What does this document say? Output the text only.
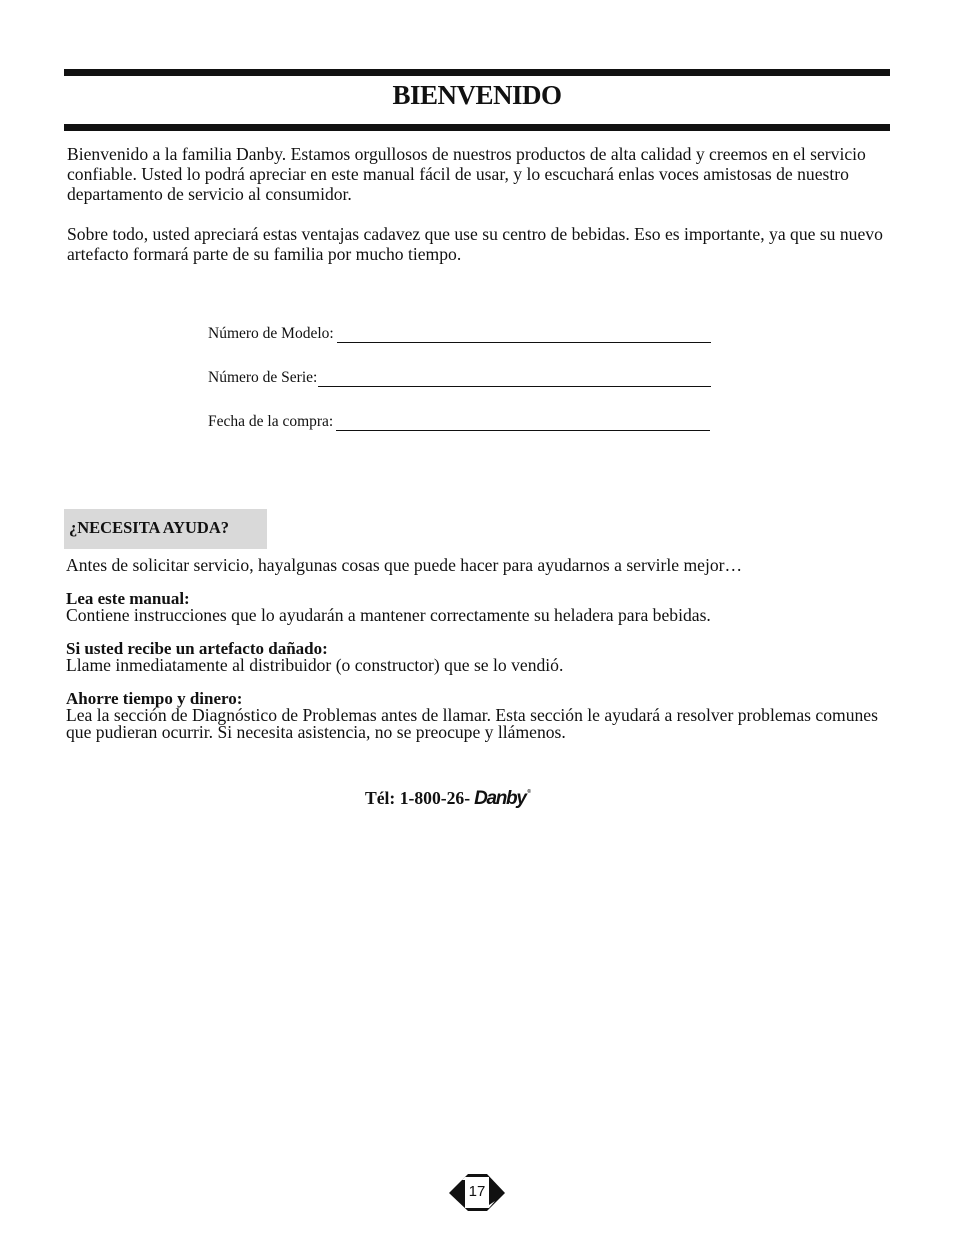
BIENVENIDO

Bienvenido a la familia Danby. Estamos orgullosos de nuestros productos de alta calidad y creemos en el servicio confiable. Usted lo podrá apreciar en este manual fácil de usar, y lo escuchará enlas voces amistosas de nuestro departamento de servicio al consumidor.

Sobre todo, usted apreciará estas ventajas cadavez que use su centro de bebidas. Eso es importante, ya que su nuevo artefacto formará parte de su familia por mucho tiempo.

Número de Modelo:
Número de Serie:
Fecha de la compra:
¿NECESITA AYUDA?

Antes de solicitar servicio, hayalgunas cosas que puede hacer para ayudarnos a servirle mejor…

Lea este manual:
Contiene instrucciones que lo ayudarán a mantener correctamente su heladera para bebidas.
Si usted recibe un artefacto dañado:
Llame inmediatamente al distribuidor (o constructor) que se lo vendió.
Ahorre tiempo y dinero:
Lea la sección de Diagnóstico de Problemas antes de llamar. Esta sección le ayudará a resolver problemas comunes que pudieran ocurrir. Si necesita asistencia, no se preocupe y llámenos.
Tél: 1-800-26- Danby ®
17
